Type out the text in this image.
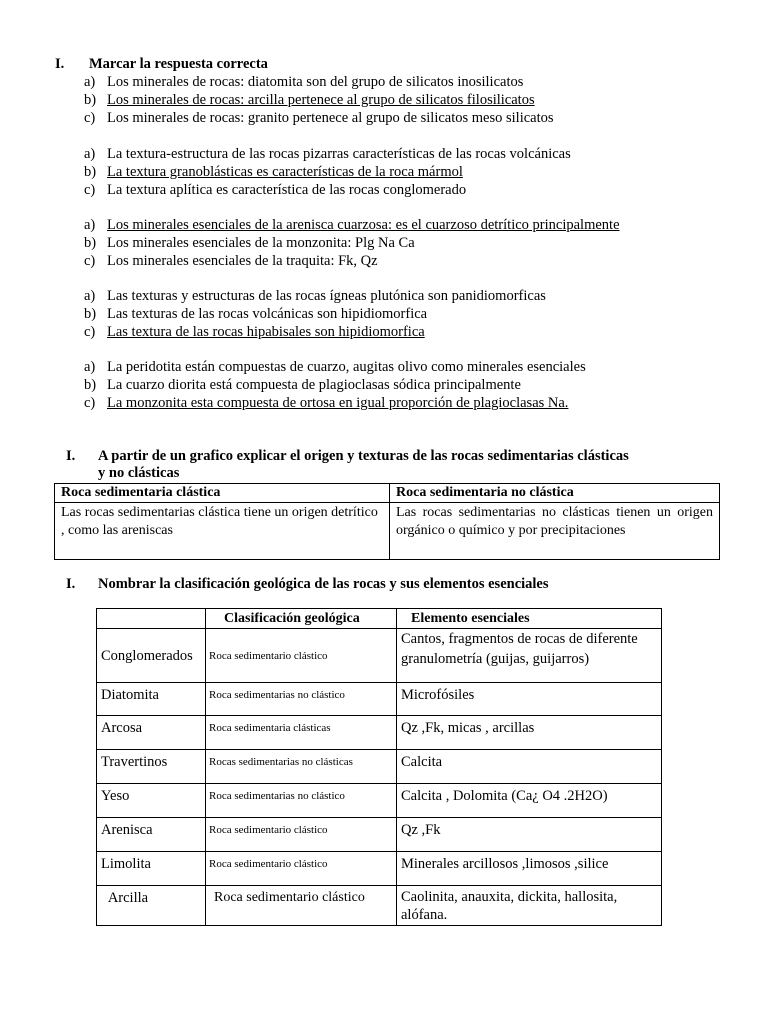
I. Marcar la respuesta correcta
a) Los minerales de rocas: diatomita son del grupo de silicatos inosilicatos
b) Los minerales de rocas: arcilla pertenece al grupo de silicatos filosilicatos
c) Los minerales de rocas: granito pertenece al grupo de silicatos meso silicatos
a) La textura-estructura de las rocas pizarras características de las rocas volcánicas
b) La textura granoblásticas es características de la roca mármol
c) La textura aplítica es característica de las rocas conglomerado
a) Los minerales esenciales de la arenisca cuarzosa: es el cuarzoso detrítico principalmente
b) Los minerales esenciales de la monzonita: Plg Na Ca
c) Los minerales esenciales de la traquita: Fk, Qz
a) Las texturas y estructuras de las rocas ígneas plutónica son panidiomorficas
b) Las texturas de las rocas volcánicas son hipidiomorfica
c) Las textura de las rocas hipabisales son hipidiomorfica
a) La peridotita están compuestas de cuarzo, augitas olivo como minerales esenciales
b) La cuarzo diorita está compuesta de plagioclasas sódica principalmente
c) La monzonita esta compuesta de ortosa en igual proporción de plagioclasas Na.
I. A partir de un grafico explicar el origen y texturas de las rocas sedimentarias clásticas
y no clásticas
Roca sedimentaria clástica	Roca sedimentaria no clástica
Las rocas sedimentarias clástica tiene un origen detrítico , como las areniscas	Las rocas sedimentarias no clásticas tienen un origen orgánico o químico y por precipitaciones
I. Nombrar la clasificación geológica de las rocas y sus elementos esenciales
	Clasificación geológica	Elemento esenciales
Conglomerados	Roca sedimentario clástico	Cantos, fragmentos de rocas de diferente granulometría (guijas, guijarros)
Diatomita	Roca sedimentarias no clástico	Microfósiles
Arcosa	Roca sedimentaria clásticas	Qz ,Fk, micas , arcillas
Travertinos	Rocas sedimentarias no clásticas	Calcita
Yeso	Roca sedimentarias no clástico	Calcita , Dolomita (Ca¿ O4 .2H2O)
Arenisca	Roca sedimentario clástico	Qz ,Fk
Limolita	Roca sedimentario clástico	Minerales arcillosos ,limosos ,silice
Arcilla	Roca sedimentario clástico	Caolinita, anauxita, dickita, hallosita, alófana.
